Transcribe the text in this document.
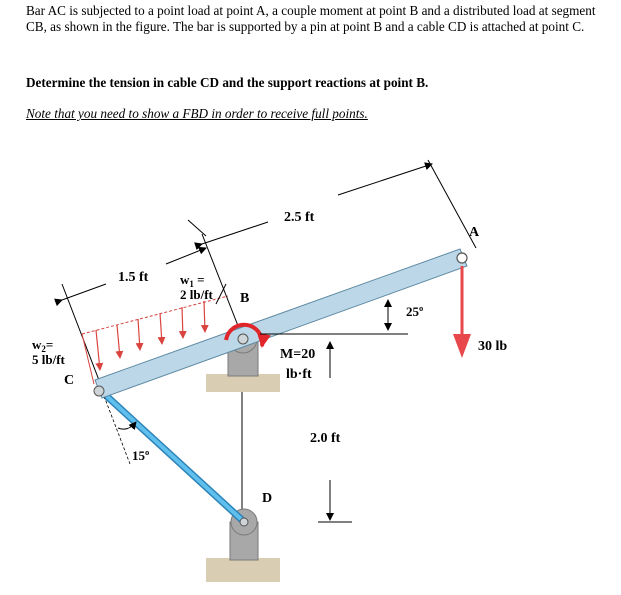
Bar AC is subjected to a point load at point A, a couple moment at point B and a distributed load at segment CB, as shown in the figure. The bar is supported by a pin at point B and a cable CD is attached at point C.
Determine the tension in cable CD and the support reactions at point B.
Note that you need to show a FBD in order to receive full points.
2.5 ft
1.5 ft
25º
2.0 ft
30 lb
A
B
C
D
$w_1$ =
2 lb/ft
$w_2=$
5 lb/ft	M=20
lb·ft
15º
